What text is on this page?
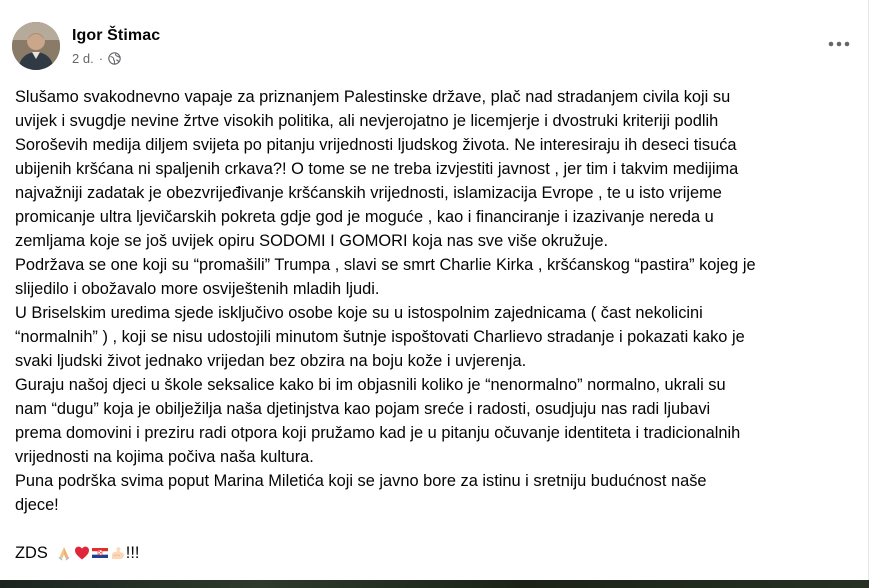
Igor Štimac
2 d. ·
Slušamo svakodnevno vapaje za priznanjem Palestinske države, plač nad stradanjem civila koji su
uvijek i svugdje nevine žrtve visokih politika, ali nevjerojatno je licemjerje i dvostruki kriteriji podlih
Soroševih medija diljem svijeta po pitanju vrijednosti ljudskog života. Ne interesiraju ih deseci tisuća
ubijenih kršćana ni spaljenih crkava?! O tome se ne treba izvjestiti javnost , jer tim i takvim medijima
najvažniji zadatak je obezvrijeđivanje kršćanskih vrijednosti, islamizacija Evrope , te u isto vrijeme
promicanje ultra ljevičarskih pokreta gdje god je moguće , kao i financiranje i izazivanje nereda u
zemljama koje se još uvijek opiru SODOMI I GOMORI koja nas sve više okružuje.
Podržava se one koji su “promašili” Trumpa , slavi se smrt Charlie Kirka , kršćanskog “pastira” kojeg je
slijedilo i obožavalo more osviještenih mladih ljudi.
U Briselskim uredima sjede isključivo osobe koje su u istospolnim zajednicama ( čast nekolicini
“normalnih” ) , koji se nisu udostojili minutom šutnje ispoštovati Charlievo stradanje i pokazati kako je
svaki ljudski život jednako vrijedan bez obzira na boju kože i uvjerenja.
Guraju našoj djeci u škole seksalice kako bi im objasnili koliko je “nenormalno” normalno, ukrali su
nam “dugu” koja je obilježilja naša djetinjstva kao pojam sreće i radosti, osudjuju nas radi ljubavi
prema domovini i preziru radi otpora koji pružamo kad je u pitanju očuvanje identiteta i tradicionalnih
vrijednosti na kojima počiva naša kultura.
Puna podrška svima poput Marina Miletića koji se javno bore za istinu i sretniju budućnost naše
djece!
ZDS	!!!
